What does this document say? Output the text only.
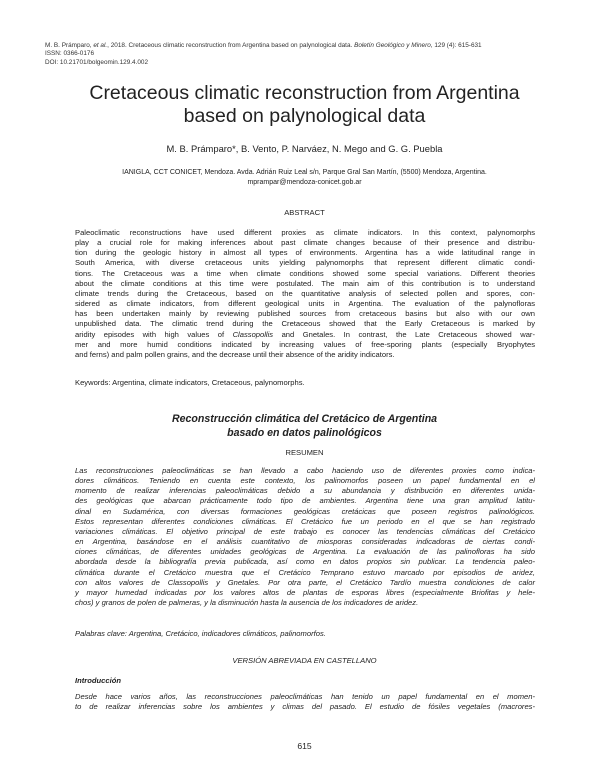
M. B. Prámparo, et al., 2018. Cretaceous climatic reconstruction from Argentina based on palynological data. Boletín Geológico y Minero, 129 (4): 615-631
ISSN: 0366-0176
DOI: 10.21701/bolgeomin.129.4.002
Cretaceous climatic reconstruction from Argentina
based on palynological data
M. B. Prámparo*, B. Vento, P. Narváez, N. Mego and G. G. Puebla
IANIGLA, CCT CONICET, Mendoza. Avda. Adrián Ruiz Leal s/n, Parque Gral San Martín, (5500) Mendoza, Argentina.
mprampar@mendoza-conicet.gob.ar
ABSTRACT
Paleoclimatic reconstructions have used different proxies as climate indicators. In this context, palynomorphs
play a crucial role for making inferences about past climate changes because of their presence and distribu-
tion during the geologic history in almost all types of environments. Argentina has a wide latitudinal range in
South America, with diverse cretaceous units yielding palynomorphs that represent different climatic condi-
tions. The Cretaceous was a time when climate conditions showed some special variations. Different theories
about the climate conditions at this time were postulated. The main aim of this contribution is to understand
climate trends during the Cretaceous, based on the quantitative analysis of selected pollen and spores, con-
sidered as climate indicators, from different geological units in Argentina. The evaluation of the palynofloras
has been undertaken mainly by reviewing published sources from cretaceous basins but also with our own
unpublished data. The climatic trend during the Cretaceous showed that the Early Cretaceous is marked by
aridity episodes with high values of Classopollis and Gnetales. In contrast, the Late Cretaceous showed war-
mer and more humid conditions indicated by increasing values of free-sporing plants (especially Bryophytes
and ferns) and palm pollen grains, and the decrease until their absence of the aridity indicators.
Keywords: Argentina, climate indicators, Cretaceous, palynomorphs.
Reconstrucción climática del Cretácico de Argentina
basado en datos palinológicos
RESUMEN
Las reconstrucciones paleoclimáticas se han llevado a cabo haciendo uso de diferentes proxies como indica-
dores climáticos. Teniendo en cuenta este contexto, los palinomorfos poseen un papel fundamental en el
momento de realizar inferencias paleoclimáticas debido a su abundancia y distribución en diferentes unida-
des geológicas que abarcan prácticamente todo tipo de ambientes. Argentina tiene una gran amplitud latitu-
dinal en Sudamérica, con diversas formaciones geológicas cretácicas que poseen registros palinológicos.
Estos representan diferentes condiciones climáticas. El Cretácico fue un periodo en el que se han registrado
variaciones climáticas. El objetivo principal de este trabajo es conocer las tendencias climáticas del Cretácico
en Argentina, basándose en el análisis cuantitativo de miosporas consideradas indicadoras de ciertas condi-
ciones climáticas, de diferentes unidades geológicas de Argentina. La evaluación de las palinofloras ha sido
abordada desde la bibliografía previa publicada, así como en datos propios sin publicar. La tendencia paleo-
climática durante el Cretácico muestra que el Cretácico Temprano estuvo marcado por episodios de aridez,
con altos valores de Classopollis y Gnetales. Por otra parte, el Cretácico Tardío muestra condiciones de calor
y mayor humedad indicadas por los valores altos de plantas de esporas libres (especialmente Briofitas y hele-
chos) y granos de polen de palmeras, y la disminución hasta la ausencia de los indicadores de aridez.
Palabras clave: Argentina, Cretácico, indicadores climáticos, palinomorfos.
VERSIÓN ABREVIADA EN CASTELLANO
Introducción
Desde hace varios años, las reconstrucciones paleoclimáticas han tenido un papel fundamental en el momen-
to de realizar inferencias sobre los ambientes y climas del pasado. El estudio de fósiles vegetales (macrores-
615
